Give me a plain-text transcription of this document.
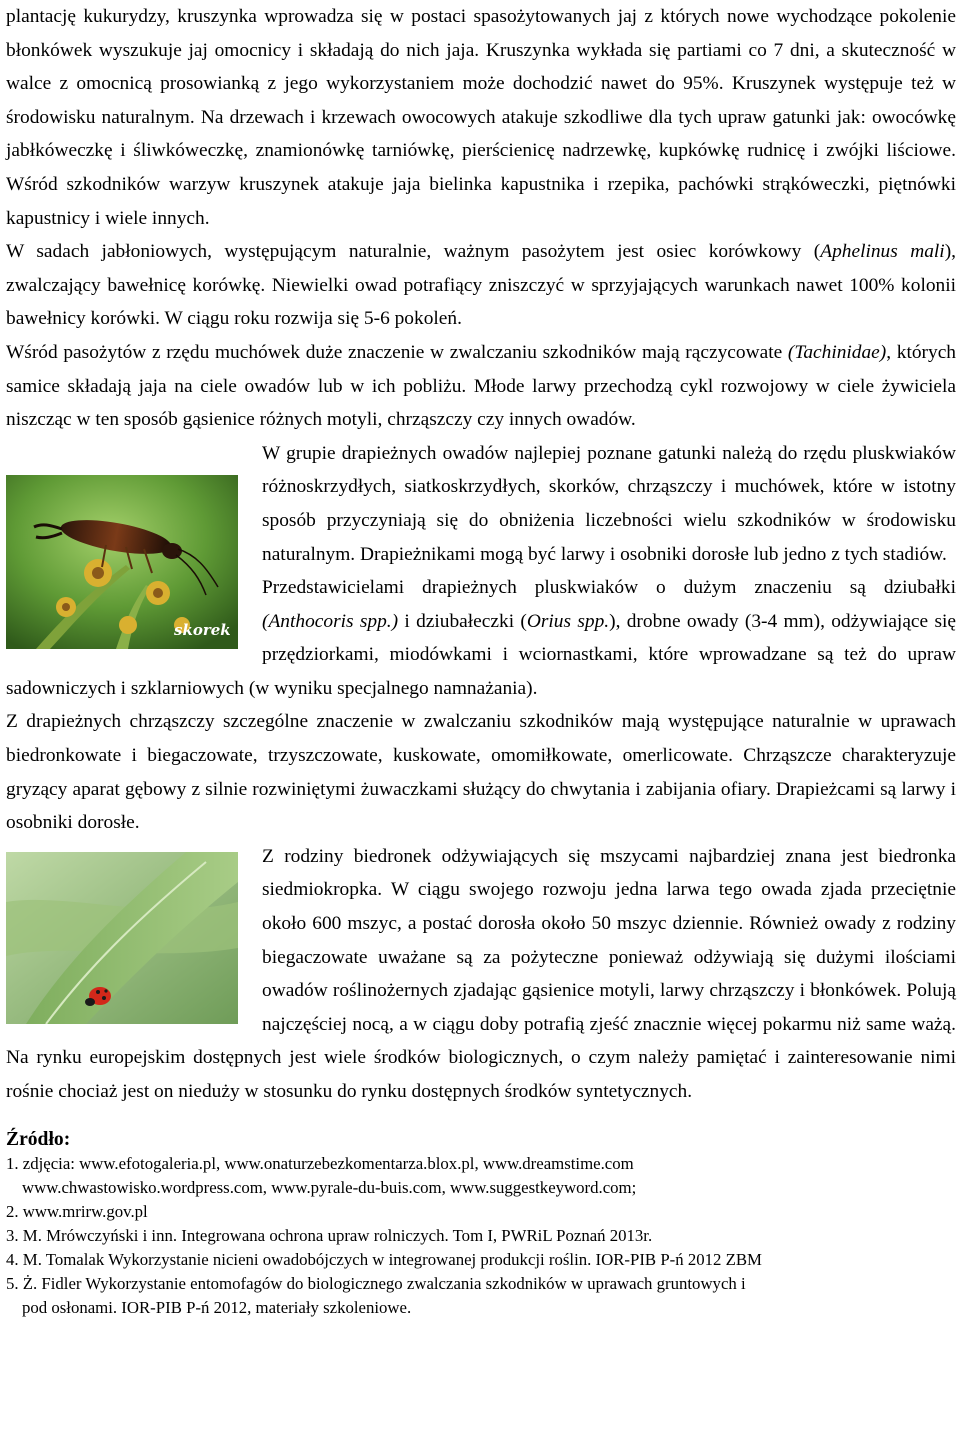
plantację kukurydzy, kruszynka wprowadza się w postaci spasożytowanych jaj z których nowe wychodzące pokolenie błonkówek wyszukuje jaj omocnicy i składają do nich jaja. Kruszynka wykłada się partiami co 7 dni, a skuteczność w walce z omocnicą prosowianką z jego wykorzystaniem może dochodzić nawet do 95%. Kruszynek występuje też w środowisku naturalnym. Na drzewach i krzewach owocowych atakuje szkodliwe dla tych upraw gatunki jak: owocówkę jabłkóweczkę i śliwkóweczkę, znamionówkę tarniówkę, pierścienicę nadrzewkę, kupkówkę rudnicę i zwójki liściowe. Wśród szkodników warzyw kruszynek atakuje jaja bielinka kapustnika i rzepika, pachówki strąkóweczki, piętnówki kapustnicy i wiele innych.

W sadach jabłoniowych, występującym naturalnie, ważnym pasożytem jest osiec korówkowy (Aphelinus mali), zwalczający bawełnicę korówkę. Niewielki owad potrafiący zniszczyć w sprzyjających warunkach nawet 100% kolonii bawełnicy korówki. W ciągu roku rozwija się 5-6 pokoleń.

Wśród pasożytów z rzędu muchówek duże znaczenie w zwalczaniu szkodników mają rączycowate (Tachinidae), których samice składają jaja na ciele owadów lub w ich pobliżu. Młode larwy przechodzą cykl rozwojowy w ciele żywiciela niszcząc w ten sposób gąsienice różnych motyli, chrząszczy czy innych owadów.

skorek

W grupie drapieżnych owadów najlepiej poznane gatunki należą do rzędu pluskwiaków różnoskrzydłych, siatkoskrzydłych, skorków, chrząszczy i muchówek, które w istotny sposób przyczyniają się do obniżenia liczebności wielu szkodników w środowisku naturalnym. Drapieżnikami mogą być larwy i osobniki dorosłe lub jedno z tych stadiów.

Przedstawicielami drapieżnych pluskwiaków o dużym znaczeniu są dziubałki (Anthocoris spp.) i dziubałeczki (Orius spp.), drobne owady (3-4 mm), odżywiające się przędziorkami, miodówkami i wciornastkami, które wprowadzane są też do upraw sadowniczych i szklarniowych (w wyniku specjalnego namnażania).

Z drapieżnych chrząszczy szczególne znaczenie w zwalczaniu szkodników mają występujące naturalnie w uprawach biedronkowate i biegaczowate, trzyszczowate, kuskowate, omomiłkowate, omerlicowate. Chrząszcze charakteryzuje gryzący aparat gębowy z silnie rozwiniętymi żuwaczkami służący do chwytania i zabijania ofiary. Drapieżcami są larwy i osobniki dorosłe.

Z rodziny biedronek odżywiających się mszycami najbardziej znana jest biedronka siedmiokropka. W ciągu swojego rozwoju jedna larwa tego owada zjada przeciętnie około 600 mszyc, a postać dorosła około 50 mszyc dziennie. Również owady z rodziny biegaczowate uważane są za pożyteczne ponieważ odżywiają się dużymi ilościami owadów roślinożernych zjadając gąsienice motyli, larwy chrząszczy i błonkówek. Polują najczęściej nocą, a w ciągu doby potrafią zjeść znacznie więcej pokarmu niż same ważą. Na rynku europejskim dostępnych jest wiele środków biologicznych, o czym należy pamiętać i zainteresowanie nimi rośnie chociaż jest on niedużу w stosunku do rynku dostępnych środków syntetycznych.

Źródło:
1. zdjęcia: www.efotogaleria.pl, www.onaturzebezkomentarza.blox.pl, www.dreamstime.com
www.chwastowisko.wordpress.com, www.pyrale-du-buis.com, www.suggestkeyword.com;
2. www.mrirw.gov.pl
3. M. Mrówczyński i inn. Integrowana ochrona upraw rolniczych. Tom I, PWRiL Poznań 2013r.
4. M. Tomalak Wykorzystanie nicieni owadobójczych w integrowanej produkcji roślin. IOR-PIB P-ń 2012 ZBM
5. Ż. Fidler Wykorzystanie entomofagów do biologicznego zwalczania szkodników w uprawach gruntowych i
pod osłonami. IOR-PIB P-ń 2012, materiały szkoleniowe.
